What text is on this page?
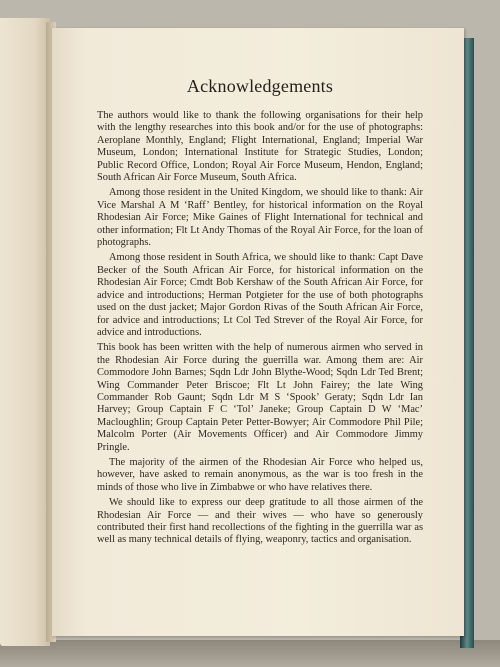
Acknowledgements

The authors would like to thank the following organisations for their help with the lengthy researches into this book and/or for the use of photographs: Aeroplane Monthly, England; Flight International, England; Imperial War Museum, London; International Institute for Strategic Studies, London; Public Record Office, London; Royal Air Force Museum, Hendon, England; South African Air Force Museum, South Africa.

Among those resident in the United Kingdom, we should like to thank: Air Vice Marshal A M ‘Raff’ Bentley, for historical information on the Royal Rhodesian Air Force; Mike Gaines of Flight International for technical and other information; Flt Lt Andy Thomas of the Royal Air Force, for the loan of photographs.

Among those resident in South Africa, we should like to thank: Capt Dave Becker of the South African Air Force, for historical information on the Rhodesian Air Force; Cmdt Bob Kershaw of the South African Air Force, for advice and introductions; Herman Potgieter for the use of both photographs used on the dust jacket; Major Gordon Rivas of the South African Air Force, for advice and introductions; Lt Col Ted Strever of the Royal Air Force, for advice and introductions.

This book has been written with the help of numerous airmen who served in the Rhodesian Air Force during the guerrilla war. Among them are: Air Commodore John Barnes; Sqdn Ldr John Blythe-Wood; Sqdn Ldr Ted Brent; Wing Commander Peter Briscoe; Flt Lt John Fairey; the late Wing Commander Rob Gaunt; Sqdn Ldr M S ‘Spook’ Geraty; Sqdn Ldr Ian Harvey; Group Captain F C ‘Tol’ Janeke; Group Captain D W ‘Mac’ Macloughlin; Group Captain Peter Petter-Bowyer; Air Commodore Phil Pile; Malcolm Porter (Air Movements Officer) and Air Commodore Jimmy Pringle.

The majority of the airmen of the Rhodesian Air Force who helped us, however, have asked to remain anonymous, as the war is too fresh in the minds of those who live in Zimbabwe or who have relatives there.

We should like to express our deep gratitude to all those airmen of the Rhodesian Air Force — and their wives — who have so generously contributed their first hand recollections of the fighting in the guerrilla war as well as many technical details of flying, weaponry, tactics and organisation.
